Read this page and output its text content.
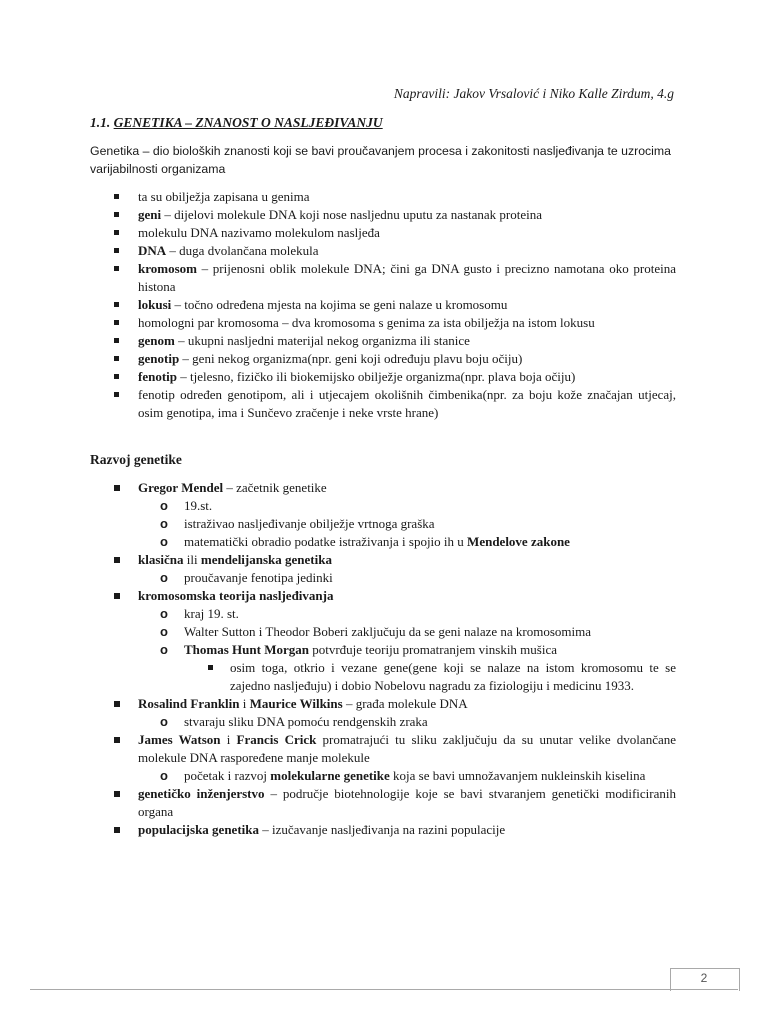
Napravili: Jakov Vrsalović i Niko Kalle Zirdum, 4.g
1.1. GENETIKA – ZNANOST O NASLJEĐIVANJU
Genetika – dio bioloških znanosti koji se bavi proučavanjem procesa i zakonitosti nasljeđivanja te uzrocima varijabilnosti organizama
ta su obilježja zapisana u genima
geni – dijelovi molekule DNA koji nose nasljednu uputu za nastanak proteina
molekulu DNA nazivamo molekulom nasljeđa
DNA – duga dvolančana molekula
kromosom – prijenosni oblik molekule DNA; čini ga DNA gusto i precizno namotana oko proteina histona
lokusi – točno određena mjesta na kojima se geni nalaze u kromosomu
homologni par kromosoma – dva kromosoma s genima za ista obilježja na istom lokusu
genom – ukupni nasljedni materijal nekog organizma ili stanice
genotip – geni nekog organizma(npr. geni koji određuju plavu boju očiju)
fenotip – tjelesno, fizičko ili biokemijsko obilježje organizma(npr. plava boja očiju)
fenotip određen genotipom, ali i utjecajem okolišnih čimbenika(npr. za boju kože značajan utjecaj, osim genotipa, ima i Sunčevo zračenje i neke vrste hrane)
Razvoj genetike
Gregor Mendel – začetnik genetike
o 19.st.
o istraživao nasljeđivanje obilježje vrtnoga graška
o matematički obradio podatke istraživanja i spojio ih u Mendelove zakone
klasična ili mendelijanska genetika
o proučavanje fenotipa jedinki
kromosomska teorija nasljeđivanja
o kraj 19. st.
o Walter Sutton i Theodor Boberi zaključuju da se geni nalaze na kromosomima
o Thomas Hunt Morgan potvrđuje teoriju promatranjem vinskih mušica
osim toga, otkrio i vezane gene(gene koji se nalaze na istom kromosomu te se zajedno nasljeđuju) i dobio Nobelovu nagradu za fiziologiju i medicinu 1933.
Rosalind Franklin i Maurice Wilkins – građa molekule DNA
o stvaraju sliku DNA pomoću rendgenskih zraka
James Watson i Francis Crick promatrajući tu sliku zaključuju da su unutar velike dvolančane molekule DNA raspoređene manje molekule
o početak i razvoj molekularne genetike koja se bavi umnožavanjem nukleinskih kiselina
genetičko inženjerstvo – područje biotehnologije koje se bavi stvaranjem genetički modificiranih organa
populacijska genetika – izučavanje nasljeđivanja na razini populacije
2
